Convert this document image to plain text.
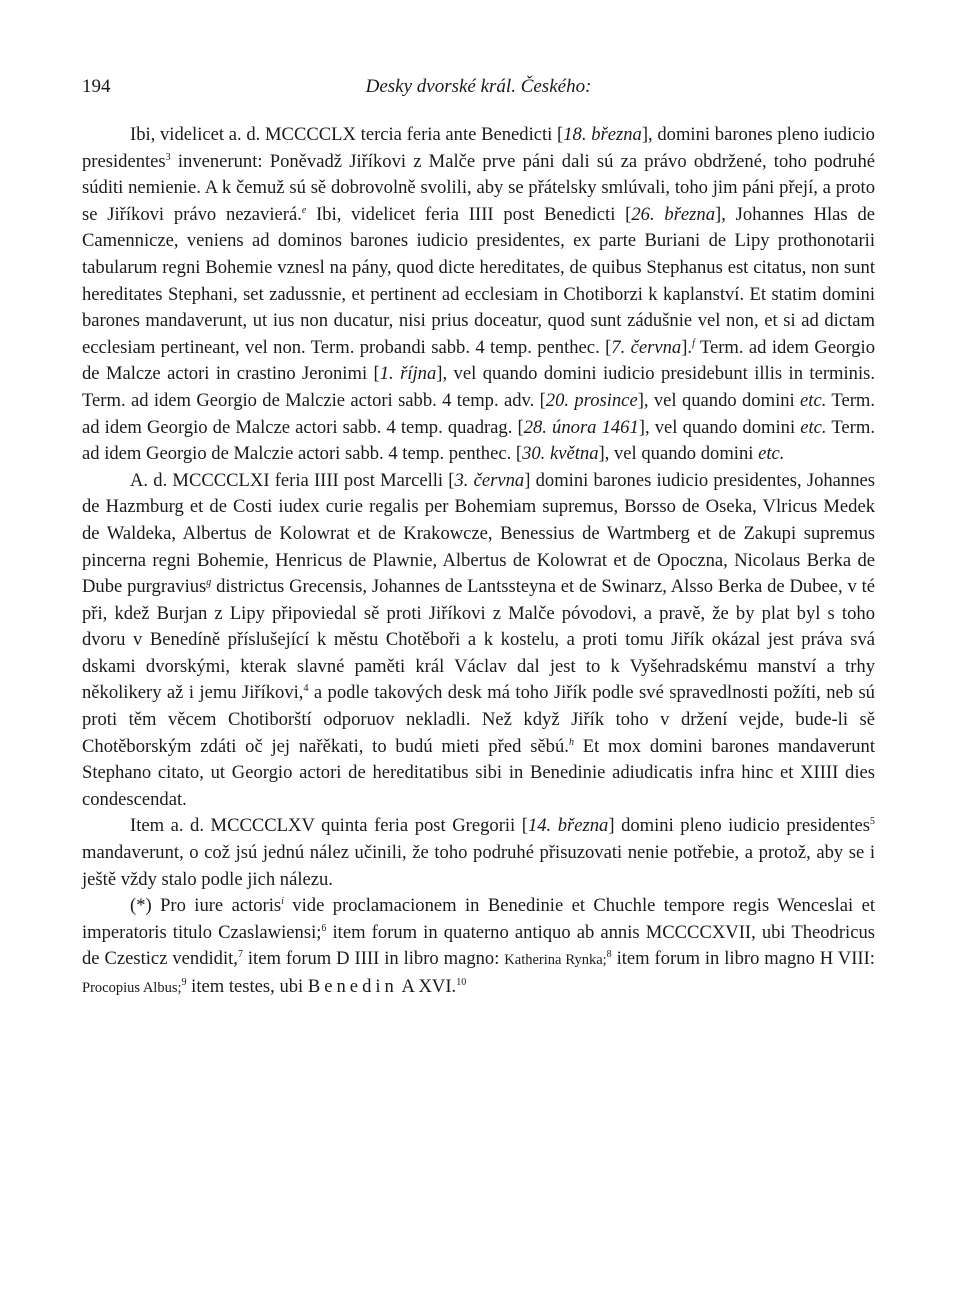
194	Desky dvorské král. Českého:

Ibi, videlicet a. d. MCCCCLX tercia feria ante Benedicti [18. března], domini barones pleno iudicio presidentes$^3$ invenerunt: Poněvadž Jiříkovi z Malče prve páni dali sú za právo obdržené, toho podruhé súditi nemienie. A k čemuž sú sě dobrovolně svolili, aby se přátelsky smlúvali, toho jim páni přejí, a proto se Jiříkovi právo nezavierá.$^e$ Ibi, videlicet feria IIII post Benedicti [26. března], Johannes Hlas de Camennicze, veniens ad dominos barones iudicio presidentes, ex parte Buriani de Lipy prothonotarii tabularum regni Bohemie vznesl na pány, quod dicte hereditates, de quibus Stephanus est citatus, non sunt hereditates Stephani, set zadussnie, et pertinent ad ecclesiam in Chotiborzi k kaplanství. Et statim domini barones mandaverunt, ut ius non ducatur, nisi prius doceatur, quod sunt zádušnie vel non, et si ad dictam ecclesiam pertineant, vel non. Term. probandi sabb. 4 temp. penthec. [7. června].$^f$ Term. ad idem Georgio de Malcze actori in crastino Jeronimi [1. října], vel quando domini iudicio presidebunt illis in terminis. Term. ad idem Georgio de Malczie actori sabb. 4 temp. adv. [20. prosince], vel quando domini etc. Term. ad idem Georgio de Malcze actori sabb. 4 temp. quadrag. [28. února 1461], vel quando domini etc. Term. ad idem Georgio de Malczie actori sabb. 4 temp. penthec. [30. května], vel quando domini etc.

A. d. MCCCCLXI feria IIII post Marcelli [3. června] domini barones iudicio presidentes, Johannes de Hazmburg et de Costi iudex curie regalis per Bohemiam supremus, Borsso de Oseka, Vlricus Medek de Waldeka, Albertus de Kolowrat et de Krakowcze, Benessius de Wartmberg et de Zakupi supremus pincerna regni Bohemie, Henricus de Plawnie, Albertus de Kolowrat et de Opoczna, Nicolaus Berka de Dube purgravius$^g$ districtus Grecensis, Johannes de Lantssteyna et de Swinarz, Alsso Berka de Dubee, v té při, kdež Burjan z Lipy připoviedal sě proti Jiříkovi z Malče póvodovi, a pravě, že by plat byl s toho dvoru v Benedíně příslušející k městu Chotěboři a k kostelu, a proti tomu Jiřík okázal jest práva svá dskami dvorskými, kterak slavné paměti král Václav dal jest to k Vyšehradskému manství a trhy několikery až i jemu Jiříkovi,$^4$ a podle takových desk má toho Jiřík podle své spravedlnosti požíti, neb sú proti těm věcem Chotiborští odporuov nekladli. Než když Jiřík toho v držení vejde, bude-li sě Chotěborským zdáti oč jej nařěkati, to budú mieti před sěbú.$^h$ Et mox domini barones mandaverunt Stephano citato, ut Georgio actori de hereditatibus sibi in Benedinie adiudicatis infra hinc et XIIII dies condescendat.

Item a. d. MCCCCLXV quinta feria post Gregorii [14. března] domini pleno iudicio presidentes$^5$ mandaverunt, o což jsú jednú nález učinili, že toho podruhé přisuzovati nenie potřebie, a protož, aby se i ještě vždy stalo podle jich nálezu.

(*) Pro iure actoris$^i$ vide proclamacionem in Benedinie et Chuchle tempore regis Wenceslai et imperatoris titulo Czaslawiensi;$^6$ item forum in quaterno antiquo ab annis MCCCCXVII, ubi Theodricus de Czesticz vendidit,$^7$ item forum D IIII in libro magno: Katherina Rynka;$^8$ item forum in libro magno H VIII: Procopius Albus;$^9$ item testes, ubi Benedin A XVI.$^{10}$
